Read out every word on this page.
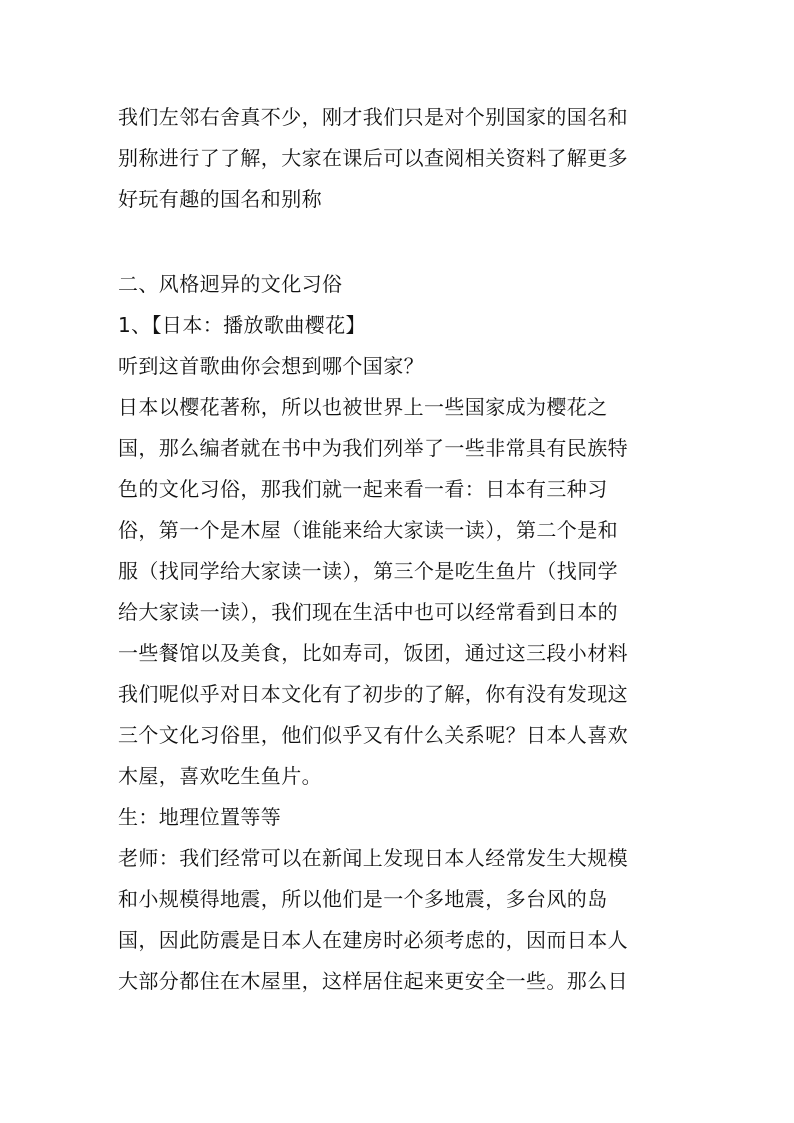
我们左邻右舍真不少，刚才我们只是对个别国家的国名和
别称进行了了解，大家在课后可以查阅相关资料了解更多
好玩有趣的国名和别称
二、风格迥异的文化习俗
1、【日本：播放歌曲樱花】
听到这首歌曲你会想到哪个国家？
日本以樱花著称，所以也被世界上一些国家成为樱花之
国，那么编者就在书中为我们列举了一些非常具有民族特
色的文化习俗，那我们就一起来看一看：日本有三种习
俗，第一个是木屋（谁能来给大家读一读），第二个是和
服（找同学给大家读一读），第三个是吃生鱼片（找同学
给大家读一读），我们现在生活中也可以经常看到日本的
一些餐馆以及美食，比如寿司，饭团，通过这三段小材料
我们呢似乎对日本文化有了初步的了解，你有没有发现这
三个文化习俗里，他们似乎又有什么关系呢？日本人喜欢
木屋，喜欢吃生鱼片。
生：地理位置等等
老师：我们经常可以在新闻上发现日本人经常发生大规模
和小规模得地震，所以他们是一个多地震，多台风的岛
国，因此防震是日本人在建房时必须考虑的，因而日本人
大部分都住在木屋里，这样居住起来更安全一些。那么日
